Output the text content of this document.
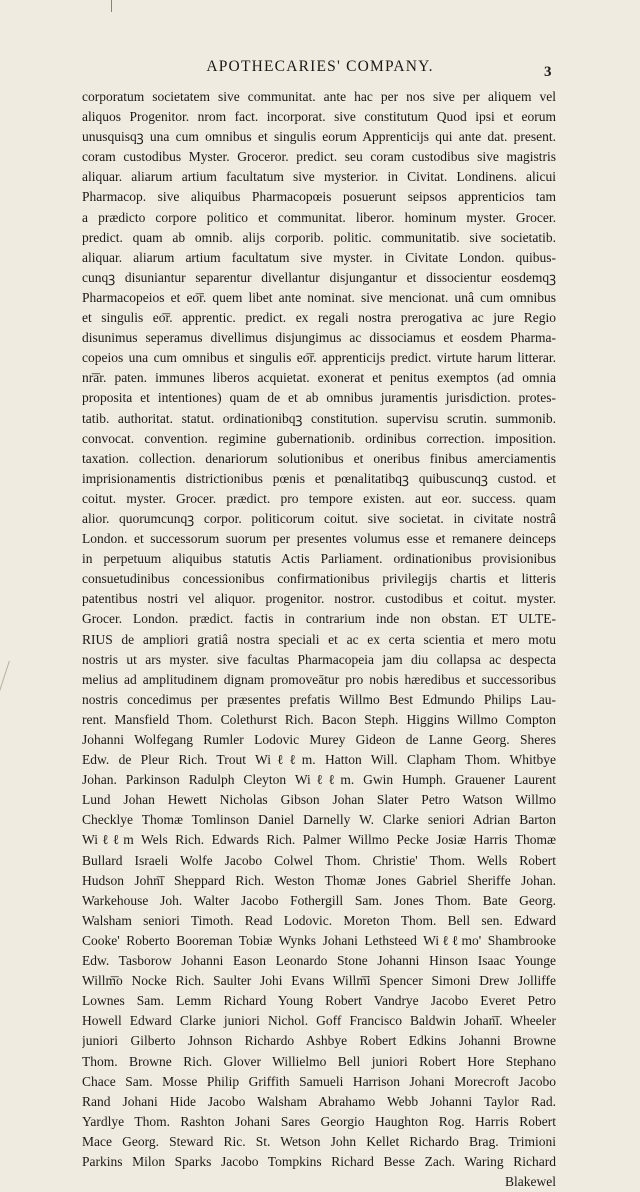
APOTHECARIES' COMPANY.	3
corporatum societatem sive communitat. ante hac per nos sive per aliquem vel
aliquos Progenitor. nrom fact. incorporat. sive constitutum Quod ipsi et eorum
unusquisqꝫ una cum omnibus et singulis eorum Apprenticijs qui ante dat. present.
coram custodibus Myster. Groceror. predict. seu coram custodibus sive magistris
aliquar. aliarum artium facultatum sive mysterior. in Civitat. Londinens. alicui
Pharmacop. sive aliquibus Pharmacopœis posuerunt seipsos apprenticios tam
a prædicto corpore politico et communitat. liberor. hominum myster. Grocer.
predict. quam ab omnib. alijs corporib. politic. communitatib. sive societatib.
aliquar. aliarum artium facultatum sive myster. in Civitate London. quibus-
cunqꝫ disuniantur separentur divellantur disjungantur et dissocientur eosdemqꝫ
Pharmacopeios et eo͞r. quem libet ante nominat. sive mencionat. unâ cum omnibus
et singulis eo͞r. apprentic. predict. ex regali nostra prerogativa ac jure Regio
disunimus seperamus divellimus disjungimus ac dissociamus et eosdem Pharma-
copeios una cum omnibus et singulis eo͞r. apprenticijs predict. virtute harum litterar.
nr͞ar. paten. immunes liberos acquietat. exonerat et penitus exemptos (ad omnia
proposita et intentiones) quam de et ab omnibus juramentis jurisdiction. protes-
tatib. authoritat. statut. ordinationibqꝫ constitution. supervisu scrutin. summonib.
convocat. convention. regimine gubernationib. ordinibus correction. imposition.
taxation. collection. denariorum solutionibus et oneribus finibus amerciamentis
imprisionamentis districtionibus pœnis et pœnalitatibqꝫ quibuscunqꝫ custod. et
coitut. myster. Grocer. prædict. pro tempore existen. aut eor. success. quam
alior. quorumcunqꝫ corpor. politicorum coitut. sive societat. in civitate nostrâ
London. et successorum suorum per presentes volumus esse et remanere deinceps
in perpetuum aliquibus statutis Actis Parliament. ordinationibus provisionibus
consuetudinibus concessionibus confirmationibus privilegijs chartis et litteris
patentibus nostri vel aliquor. progenitor. nostror. custodibus et coitut. myster.
Grocer. London. prædict. factis in contrarium inde non obstan. ET ULTE-
RIUS de ampliori gratiâ nostra speciali et ac ex certa scientia et mero motu
nostris ut ars myster. sive facultas Pharmacopeia jam diu collapsa ac despecta
melius ad amplitudinem dignam promoveātur pro nobis hæredibus et successoribus
nostris concedimus per præsentes prefatis Willmo Best Edmundo Philips Lau-
rent. Mansfield Thom. Colethurst Rich. Bacon Steph. Higgins Willmo Compton
Johanni Wolfegang Rumler Lodovic Murey Gideon de Lanne Georg. Sheres
Edw. de Pleur Rich. Trout Wiℓℓm. Hatton Will. Clapham Thom. Whitbye
Johan. Parkinson Radulph Cleyton Wiℓℓm. Gwin Humph. Grauener Laurent
Lund Johan Hewett Nicholas Gibson Johan Slater Petro Watson Willmo
Checklye Thomæ Tomlinson Daniel Darnelly W. Clarke seniori Adrian Barton
Wiℓℓm Wels Rich. Edwards Rich. Palmer Willmo Pecke Josiæ Harris Thomæ
Bullard Israeli Wolfe Jacobo Colwel Thom. Christie' Thom. Wells Robert
Hudson John͞i Sheppard Rich. Weston Thomæ Jones Gabriel Sheriffe Johan.
Warkehouse Joh. Walter Jacobo Fothergill Sam. Jones Thom. Bate Georg.
Walsham seniori Timoth. Read Lodovic. Moreton Thom. Bell sen. Edward
Cooke' Roberto Booreman Tobiæ Wynks Johani Lethsteed Wiℓℓmo' Shambrooke
Edw. Tasborow Johanni Eason Leonardo Stone Johanni Hinson Isaac Younge
Willm͞o Nocke Rich. Saulter Johi Evans Willm͞i Spencer Simoni Drew Jolliffe
Lownes Sam. Lemm Richard Young Robert Vandrye Jacobo Everet Petro
Howell Edward Clarke juniori Nichol. Goff Francisco Baldwin Johan͞i. Wheeler
juniori Gilberto Johnson Richardo Ashbye Robert Edkins Johanni Browne
Thom. Browne Rich. Glover Willielmo Bell juniori Robert Hore Stephano
Chace Sam. Mosse Philip Griffith Samueli Harrison Johani Morecroft Jacobo
Rand Johani Hide Jacobo Walsham Abrahamo Webb Johanni Taylor Rad.
Yardlye Thom. Rashton Johani Sares Georgio Haughton Rog. Harris Robert
Mace Georg. Steward Ric. St. Wetson John Kellet Richardo Brag. Trimioni
Parkins Milon Sparks Jacobo Tompkins Richard Besse Zach. Waring Richard
Blakewel
